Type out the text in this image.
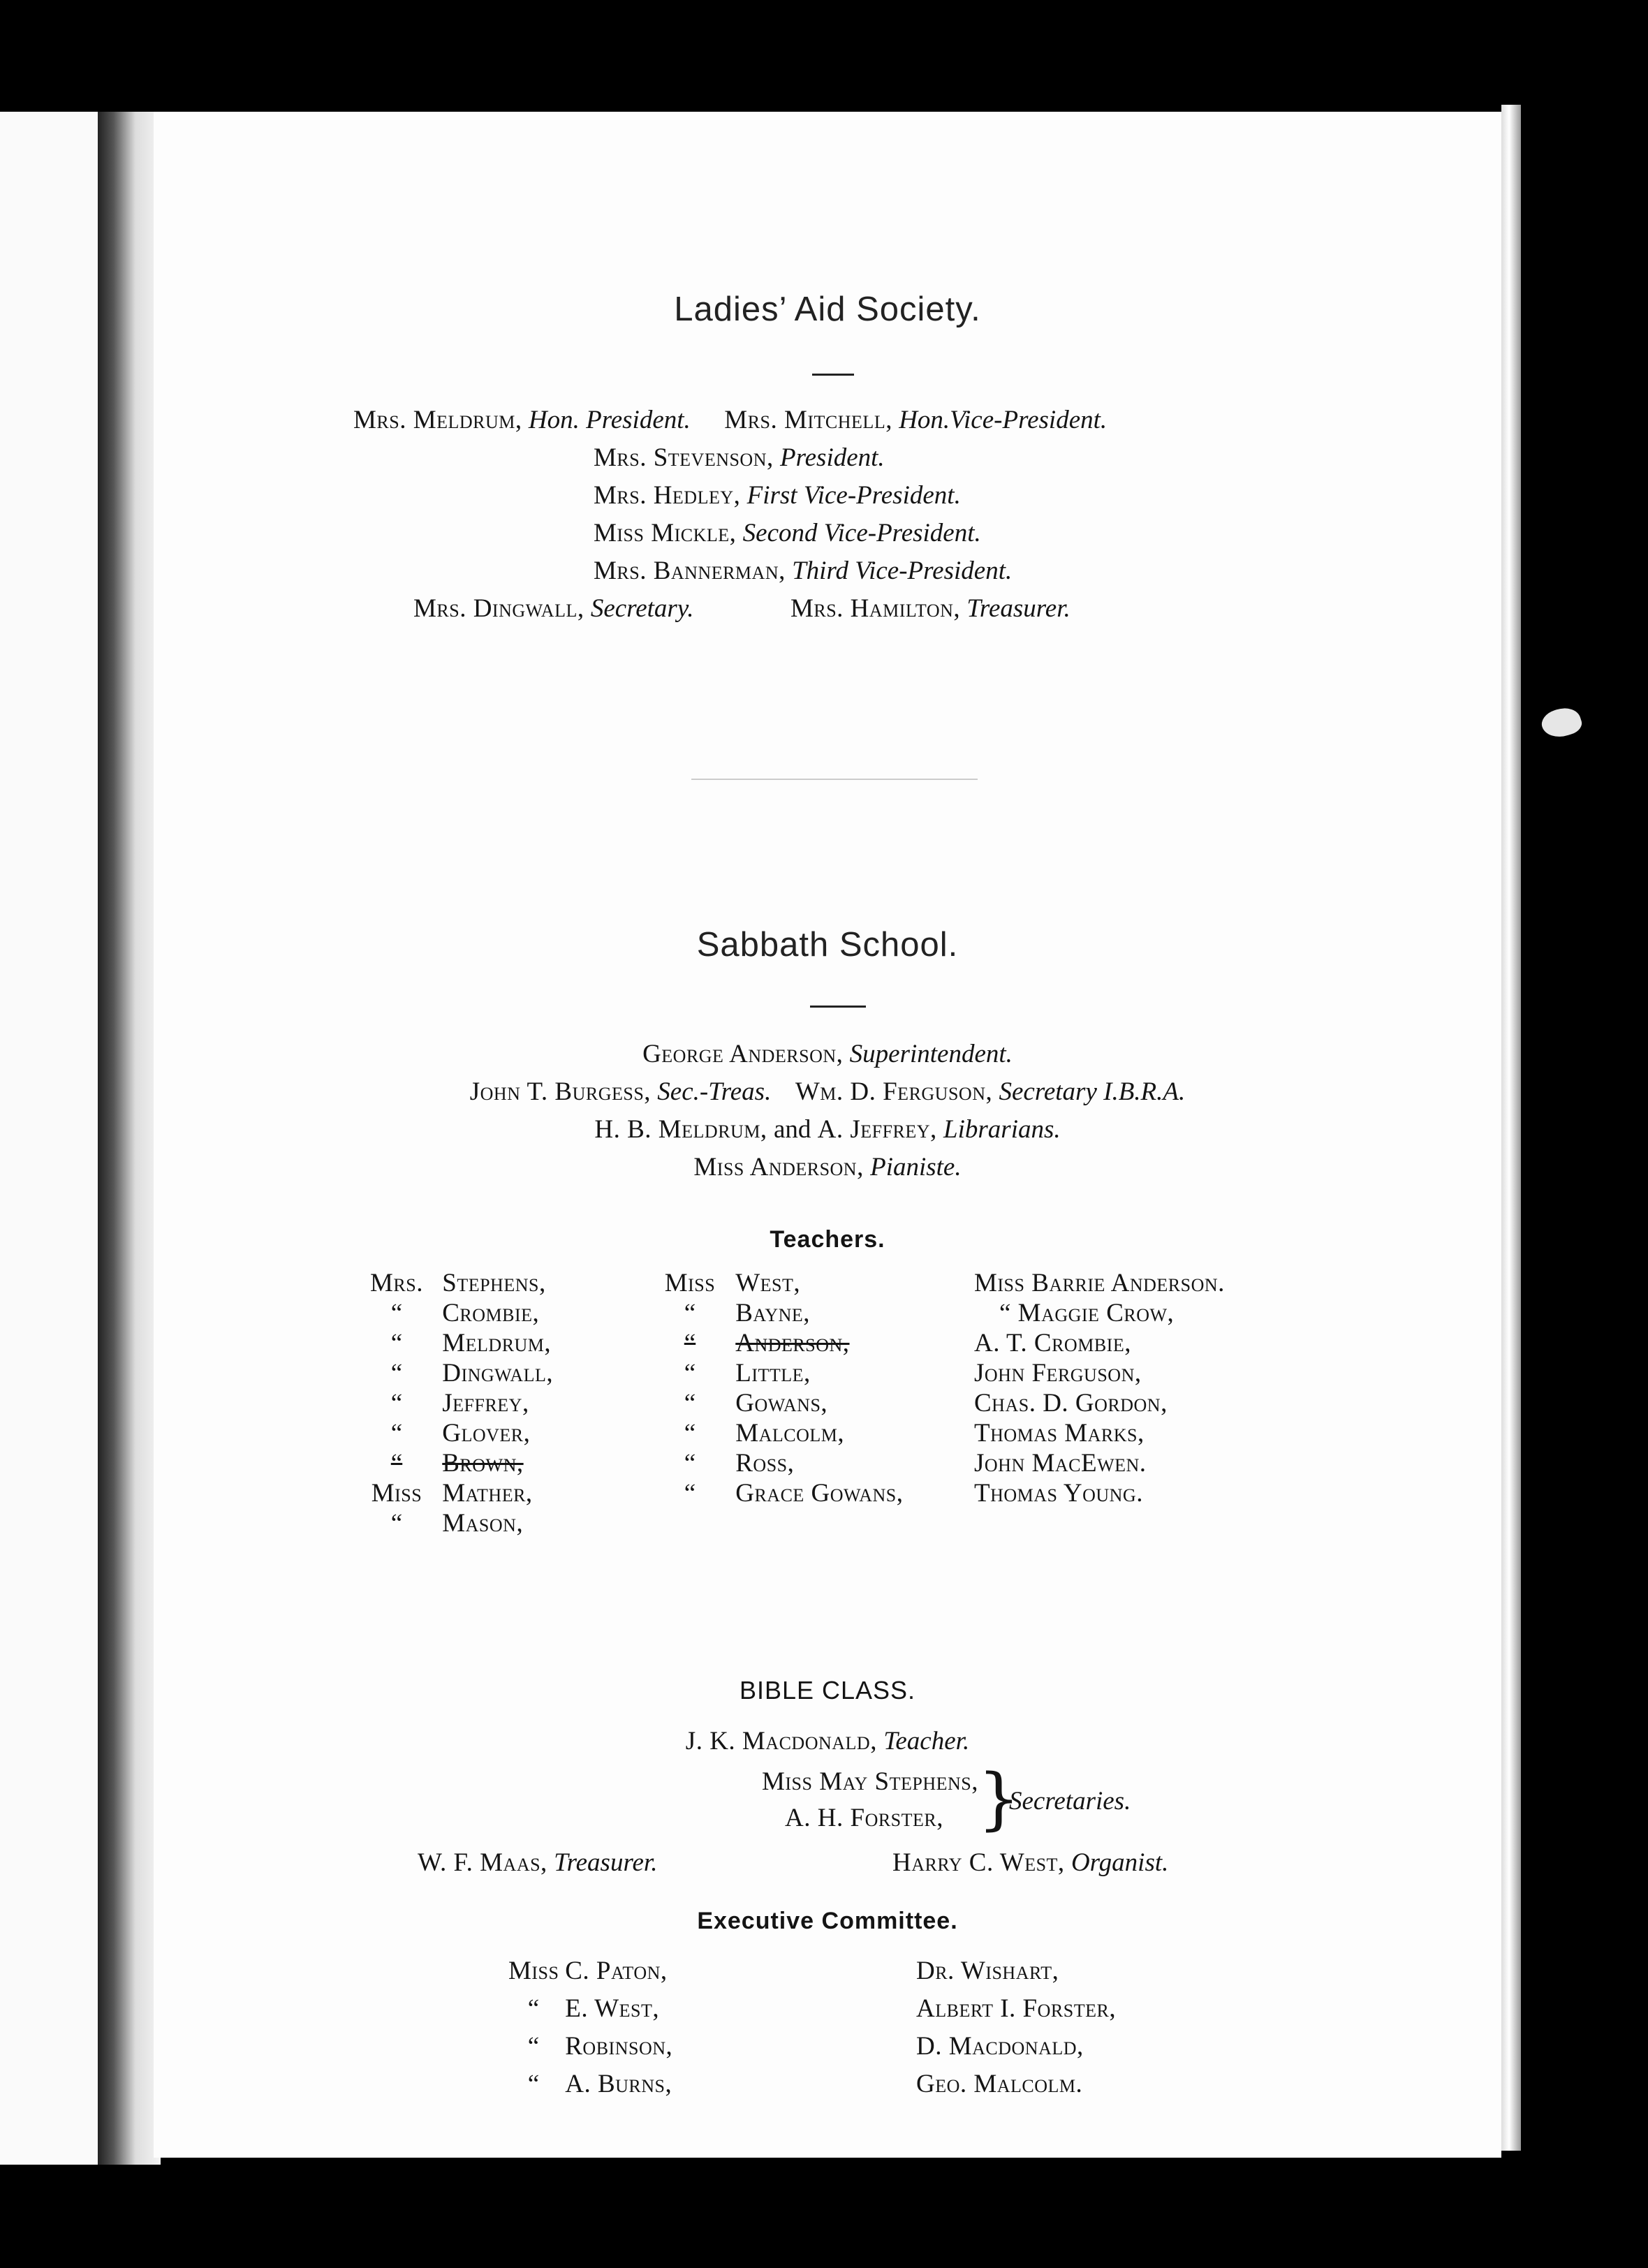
Ladies’ Aid Society.
Mrs. Meldrum, Hon. President. Mrs. Mitchell, Hon.Vice-President.
Mrs. Stevenson, President.
Mrs. Hedley, First Vice-President.
Miss Mickle, Second Vice-President.
Mrs. Bannerman, Third Vice-President.
Mrs. Dingwall, Secretary.	Mrs. Hamilton, Treasurer.
Sabbath School.
George Anderson, Superintendent.
John T. Burgess, Sec.-Treas. Wm. D. Ferguson, Secretary I.B.R.A.
H. B. Meldrum, and A. Jeffrey, Librarians.
Miss Anderson, Pianiste.
Teachers.
Mrs. Stephens,
“ Crombie,
“ Meldrum,
“ Dingwall,
“ Jeffrey,
“ Glover,
“ Brown,
Miss Mather,
“ Mason,
Miss West,
“ Bayne,
“ Anderson,
“ Little,
“ Gowans,
“ Malcolm,
“ Ross,
“ Grace Gowans,
Miss Barrie Anderson.
“ Maggie Crow,
A. T. Crombie,
John Ferguson,
Chas. D. Gordon,
Thomas Marks,
John MacEwen.
Thomas Young.
BIBLE CLASS.
J. K. Macdonald, Teacher.
Miss May Stephens,
A. H. Forster, }
Secretaries.
W. F. Maas, Treasurer.	Harry C. West, Organist.
Executive Committee.
Miss C. Paton,
“ E. West,
“ Robinson,
“ A. Burns,
Dr. Wishart,
Albert I. Forster,
D. Macdonald,
Geo. Malcolm.
